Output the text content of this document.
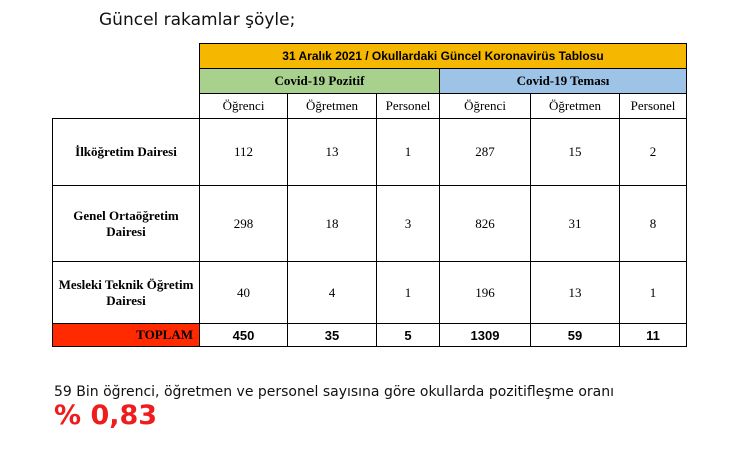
Güncel rakamlar şöyle;

	31 Aralık 2021 / Okullardaki Güncel Koronavirüs Tablosu					
	Covid-19 Pozitif			Covid-19 Teması		
	Öğrenci	Öğretmen	Personel	Öğrenci	Öğretmen	Personel
İlköğretim Dairesi	112	13	1	287	15	2
Genel Ortaöğretim Dairesi	298	18	3	826	31	8
Mesleki Teknik Öğretim Dairesi	40	4	1	196	13	1
TOPLAM	450	35	5	1309	59	11

59 Bin öğrenci, öğretmen ve personel sayısına göre okullarda pozitifleşme oranı

% 0,83
